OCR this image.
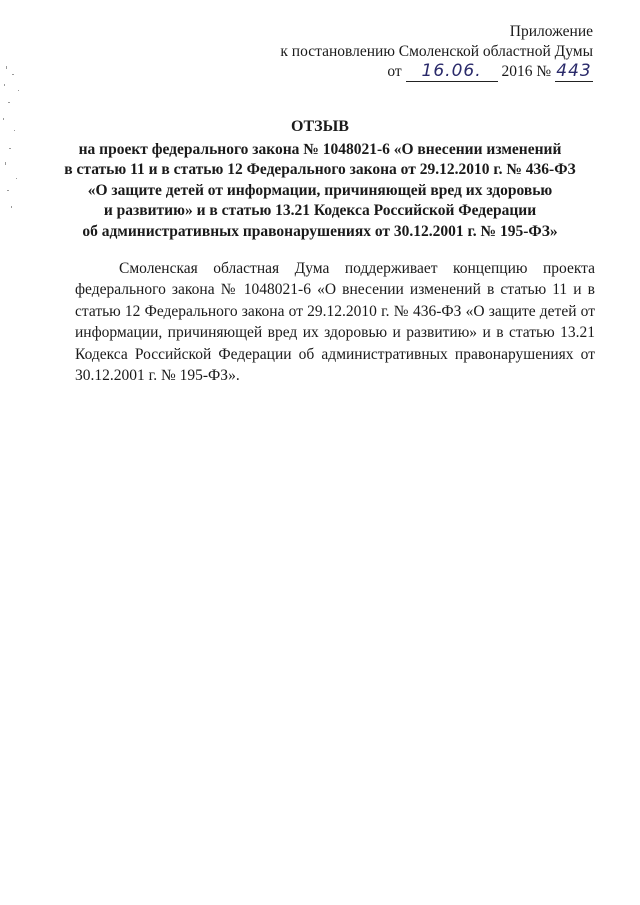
Приложение
к постановлению Смоленской областной Думы
от 16.06. 2016 № 443
ОТЗЫВ
на проект федерального закона № 1048021-6 «О внесении изменений
в статью 11 и в статью 12 Федерального закона от 29.12.2010 г. № 436-ФЗ
«О защите детей от информации, причиняющей вред их здоровью
и развитию» и в статью 13.21 Кодекса Российской Федерации
об административных правонарушениях от 30.12.2001 г. № 195-ФЗ»

Смоленская областная Дума поддерживает концепцию проекта федерального закона № 1048021-6 «О внесении изменений в статью 11 и в статью 12 Федерального закона от 29.12.2010 г. № 436-ФЗ «О защите детей от информации, причиняющей вред их здоровью и развитию» и в статью 13.21 Кодекса Российской Федерации об административных правонарушениях от 30.12.2001 г. № 195-ФЗ».
